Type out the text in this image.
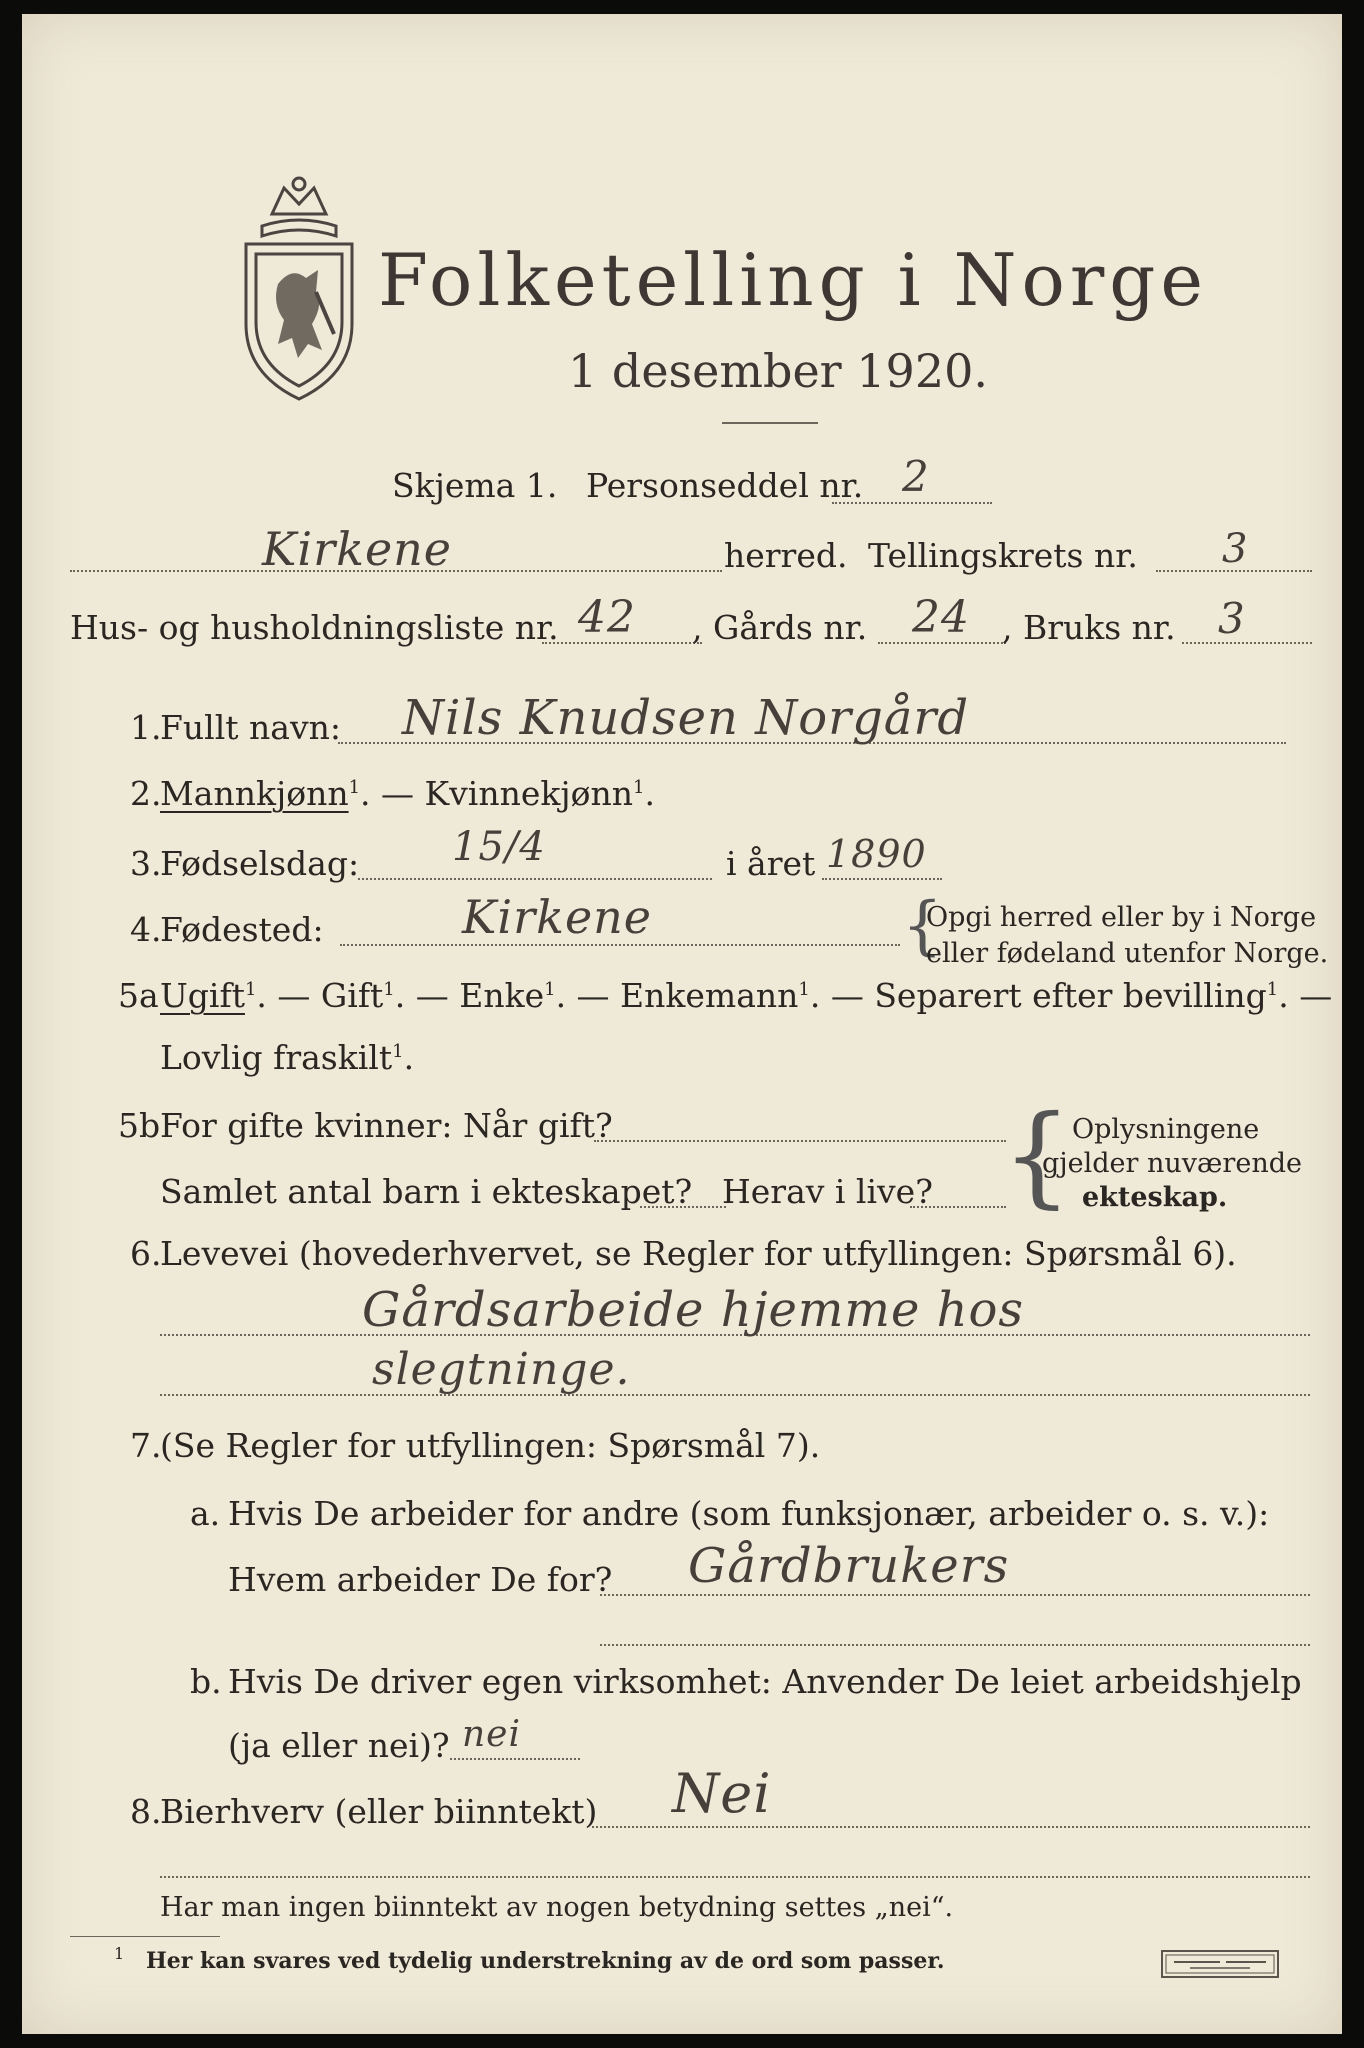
Folketelling i Norge
1 desember 1920.
Skjema 1. Personseddel nr. 2
Kirkene	herred. Tellingskrets nr. 3
Hus- og husholdningsliste nr. 42 , Gårds nr. 24 , Bruks nr. 3
1.
Fullt navn: Nils Knudsen Norgård
2.
Mannkjønn$^1$. — Kvinnekjønn$^1$.
3.
Fødselsdag: 15/4	i året 1890
4.
Fødested:	Kirkene	{
Opgi herred eller by i Norge
eller fødeland utenfor Norge.
5a Ugift$^1$. — Gift$^1$. — Enke$^1$. — Enkemann$^1$. — Separert efter bevilling$^1$. —
Lovlig fraskilt$^1$.
5b For gifte kvinner: Når gift?
Samlet antal barn i ekteskapet? Herav i live? { Oplysningene
gjelder nuværende
ekteskap.
6.
Levevei (hovederhvervet, se Regler for utfyllingen: Spørsmål 6).
Gårdsarbeide hjemme hos
slegtninge.
7.
(Se Regler for utfyllingen: Spørsmål 7).
a. Hvis De arbeider for andre (som funksjonær, arbeider o. s. v.):
Hvem arbeider De for? Gårdbrukers
b. Hvis De driver egen virksomhet: Anvender De leiet arbeidshjelp
(ja eller nei)? nei
8.
Bierhverv (eller biinntekt) Nei
Har man ingen biinntekt av nogen betydning settes „nei“.
1 Her kan svares ved tydelig understrekning av de ord som passer.
